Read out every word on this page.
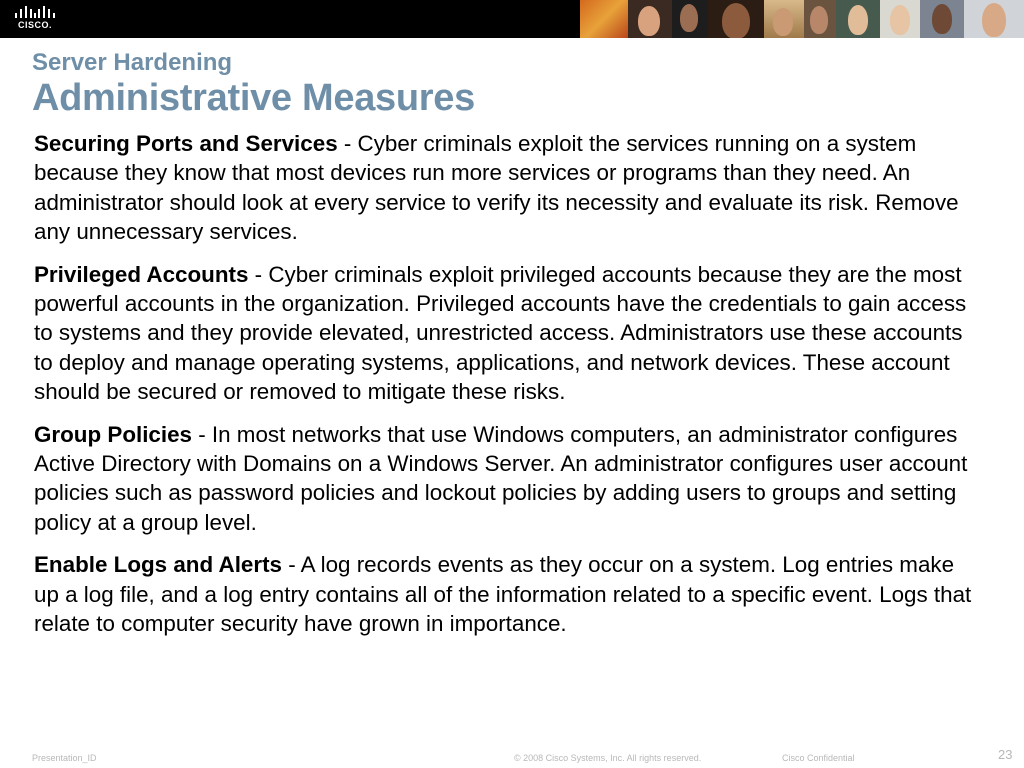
CISCO.
Server Hardening
Administrative Measures

Securing Ports and Services - Cyber criminals exploit the services running on a system because they know that most devices run more services or programs than they need. An administrator should look at every service to verify its necessity and evaluate its risk. Remove any unnecessary services.

Privileged Accounts - Cyber criminals exploit privileged accounts because they are the most powerful accounts in the organization. Privileged accounts have the credentials to gain access to systems and they provide elevated, unrestricted access. Administrators use these accounts to deploy and manage operating systems, applications, and network devices. These account should be secured or removed to mitigate these risks.

Group Policies - In most networks that use Windows computers, an administrator configures Active Directory with Domains on a Windows Server. An administrator configures user account policies such as password policies and lockout policies by adding users to groups and setting policy at a group level.

Enable Logs and Alerts - A log records events as they occur on a system. Log entries make up a log file, and a log entry contains all of the information related to a specific event. Logs that relate to computer security have grown in importance.

Presentation_ID	© 2008 Cisco Systems, Inc. All rights reserved.	Cisco Confidential	23
